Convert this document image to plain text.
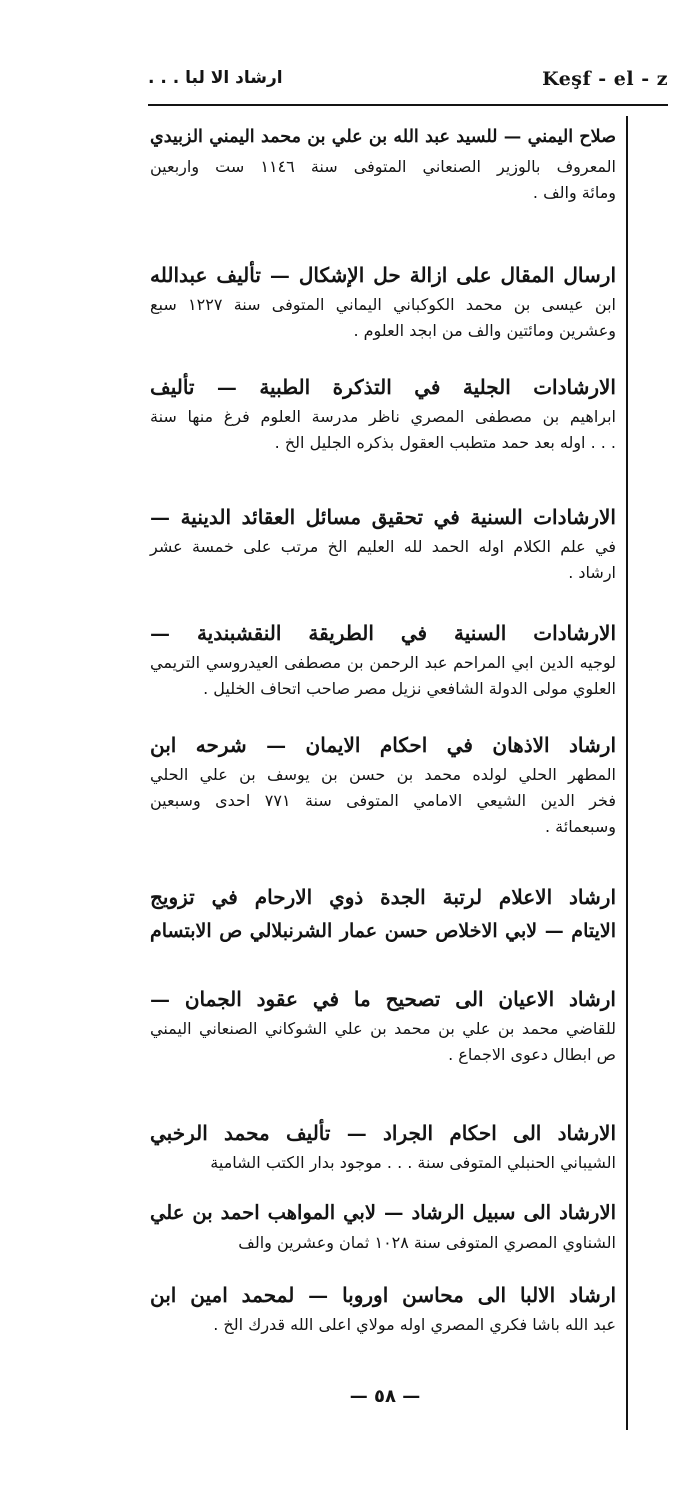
ارشاد الا لبا . . .	Keşf - el - z

صلاح اليمني — للسيد عبد الله بن علي بن محمد اليمني الزبيدي

المعروف بالوزير الصنعاني المتوفى سنة ١١٤٦ ست واربعين

ومائة والف .

ارسال المقال على ازالة حل الإشكال — تأليف عبدالله

ابن عيسى بن محمد الكوكباني اليماني المتوفى سنة ١٢٢٧ سبع

وعشرين ومائتين والف من ابجد العلوم .

الارشادات الجلية في التذكرة الطبية — تأليف

ابراهيم بن مصطفى المصري ناظر مدرسة العلوم فرغ منها سنة

. . . اوله بعد حمد متطبب العقول بذكره الجليل الخ .

الارشادات السنية في تحقيق مسائل العقائد الدينية —

في علم الكلام اوله الحمد لله العليم الخ مرتب على خمسة عشر

ارشاد .

الارشادات السنية في الطريقة النقشبندية —

لوجيه الدين ابي المراحم عبد الرحمن بن مصطفى العيدروسي التريمي

العلوي مولى الدولة الشافعي نزيل مصر صاحب اتحاف الخليل .

ارشاد الاذهان في احكام الايمان — شرحه ابن

المطهر الحلي لولده محمد بن حسن بن يوسف بن علي الحلي

فخر الدين الشيعي الامامي المتوفى سنة ٧٧١ احدى وسبعين

وسبعمائة .

ارشاد الاعلام لرتبة الجدة ذوي الارحام في تزويج

الايتام — لابي الاخلاص حسن عمار الشرنبلالي ص الابتسام

ارشاد الاعيان الى تصحيح ما في عقود الجمان —

للقاضي محمد بن علي بن محمد بن علي الشوكاني الصنعاني اليمني

ص ابطال دعوى الاجماع .

الارشاد الى احكام الجراد — تأليف محمد الرخبي

الشيباني الحنبلي المتوفى سنة . . . موجود بدار الكتب الشامية

الارشاد الى سبيل الرشاد — لابي المواهب احمد بن علي

الشناوي المصري المتوفى سنة ١٠٢٨ ثمان وعشرين والف

ارشاد الالبا الى محاسن اوروبا — لمحمد امين ابن

عبد الله باشا فكري المصري اوله مولاي اعلى الله قدرك الخ .

— ٥٨ —
